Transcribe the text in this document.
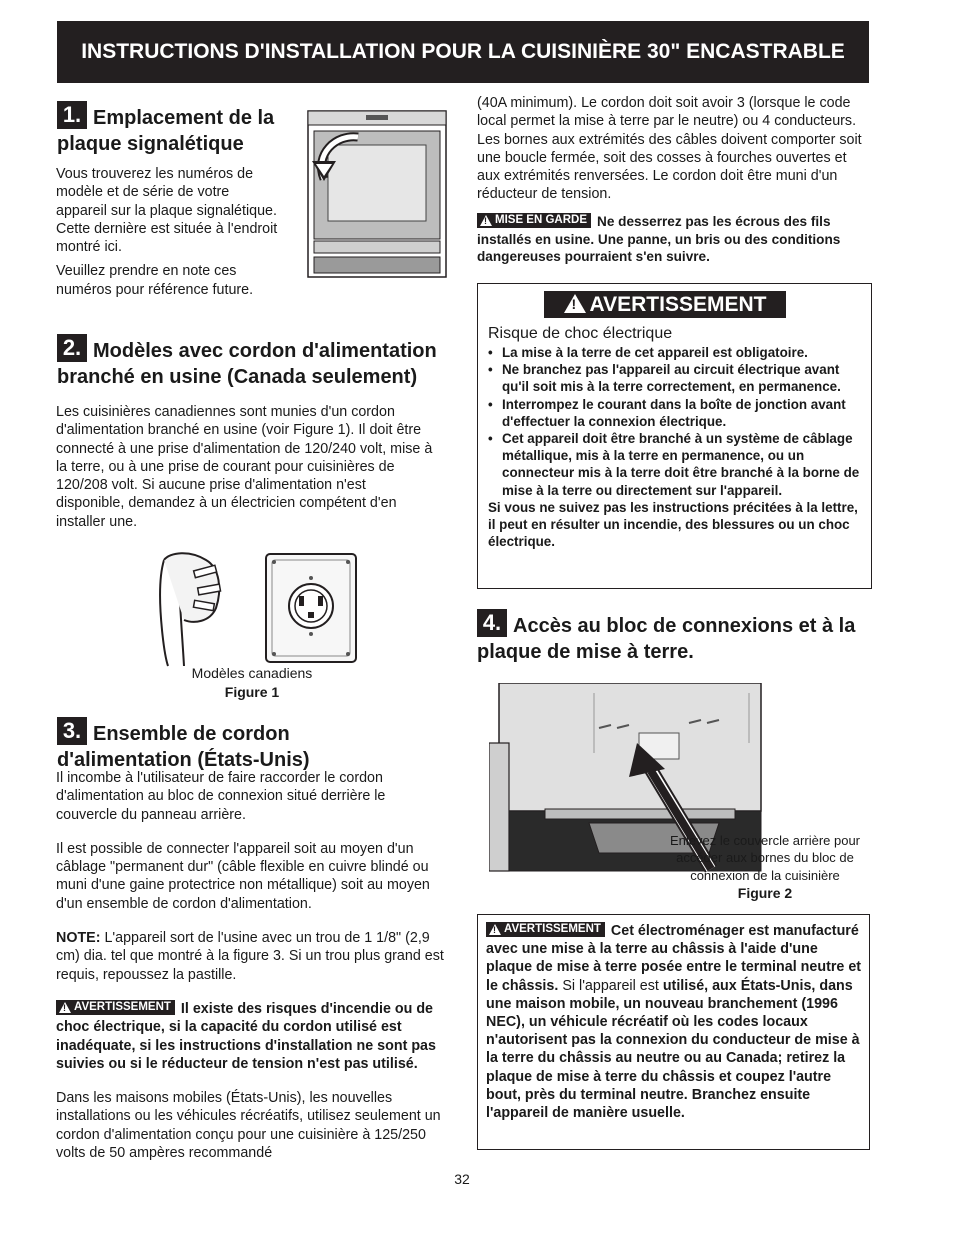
INSTRUCTIONS D'INSTALLATION POUR LA CUISINIÈRE 30" ENCASTRABLE
1. Emplacement de la plaque signalétique

Vous trouverez les numéros de modèle et de série de votre appareil sur la plaque signalétique. Cette dernière est située à l'endroit montré ici.

Veuillez prendre en note ces numéros pour référence future.

2. Modèles avec cordon d'alimentation branché en usine (Canada seulement)

Les cuisinières canadiennes sont munies d'un cordon d'alimentation branché en usine (voir Figure 1). Il doit être connecté à une prise d'alimentation de 120/240 volt, mise à la terre, ou à une prise de courant pour cuisinières de 120/208 volt. Si aucune prise d'alimentation n'est disponible, demandez à un électricien compétent d'en installer une.

Modèles canadiens
Figure 1
3. Ensemble de cordon d'alimentation (États-Unis)

Il incombe à l'utilisateur de faire raccorder le cordon d'alimentation au bloc de connexion situé derrière le couvercle du panneau arrière.

Il est possible de connecter l'appareil soit au moyen d'un câblage "permanent dur" (câble flexible en cuivre blindé ou muni d'une gaine protectrice non métallique) soit au moyen d'un ensemble de cordon d'alimentation.

NOTE: L'appareil sort de l'usine avec un trou de 1 1/8" (2,9 cm) dia. tel que montré à la figure 3. Si un trou plus grand est requis, repoussez la pastille.

!
AVERTISSEMENT Il existe des risques d'incendie ou de choc électrique, si la capacité du cordon utilisé est inadéquate, si les instructions d'installation ne sont pas suivies ou si le réducteur de tension n'est pas utilisé.

Dans les maisons mobiles (États-Unis), les nouvelles installations ou les véhicules récréatifs, utilisez seulement un cordon d'alimentation conçu pour une cuisinière à 125/250 volts de 50 ampères recommandé

(40A minimum). Le cordon doit soit avoir 3 (lorsque le code local permet la mise à terre par le neutre) ou 4 conducteurs. Les bornes aux extrémités des câbles doivent comporter soit une boucle fermée, soit des cosses à fourches ouvertes et aux extrémités renversées. Le cordon doit être muni d'un réducteur de tension.

!
MISE EN GARDE Ne desserrez pas les écrous des fils installés en usine. Une panne, un bris ou des conditions dangereuses pourraient s'en suivre.

! AVERTISSEMENT
Risque de choc électrique
• La mise à la terre de cet appareil est obligatoire.
• Ne branchez pas l'appareil au circuit électrique avant qu'il soit mis à la terre correctement, en permanence.
• Interrompez le courant dans la boîte de jonction avant d'effectuer la connexion électrique.
• Cet appareil doit être branché à un système de câblage métallique, mis à la terre en permanence, ou un connecteur mis à la terre doit être branché à la borne de mise à la terre ou directement sur l'appareil.

Si vous ne suivez pas les instructions précitées à la lettre, il peut en résulter un incendie, des blessures ou un choc électrique.

4. Accès au bloc de connexions et à la plaque de mise à terre.
Enlevez le couvercle arrière pour accéder aux bornes du bloc de connexion de la cuisinière
Figure 2
!
AVERTISSEMENT Cet électroménager est manufacturé avec une mise à la terre au châssis à l'aide d'une plaque de mise à terre posée entre le terminal neutre et le châssis. Si l'appareil est utilisé, aux États-Unis, dans une maison mobile, un nouveau branchement (1996 NEC), un véhicule récréatif où les codes locaux n'autorisent pas la connexion du conducteur de mise à la terre du châssis au neutre ou au Canada; retirez la plaque de mise à terre du châssis et coupez l'autre bout, près du terminal neutre. Branchez ensuite l'appareil de manière usuelle.
32
